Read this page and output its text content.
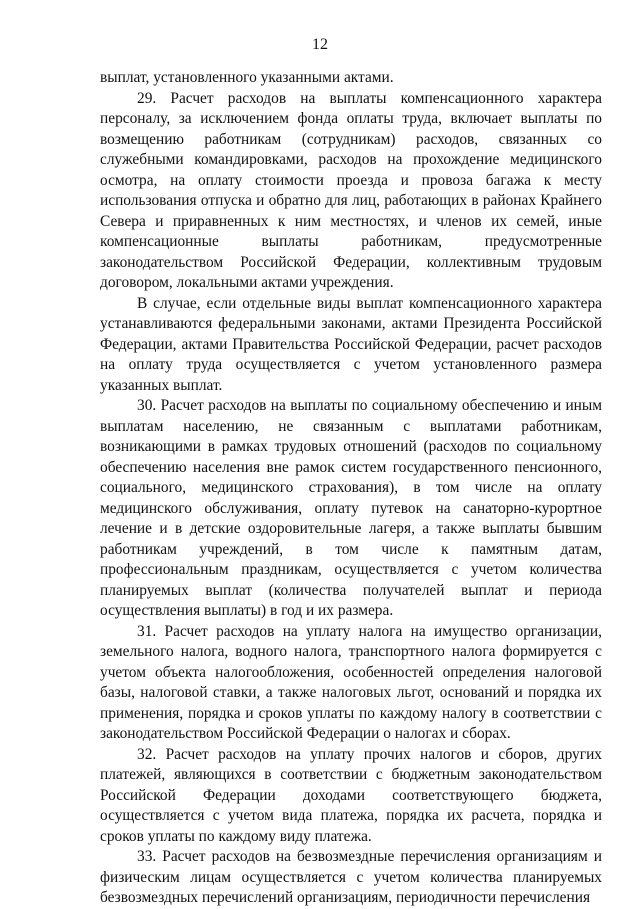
12

выплат, установленного указанными актами.

29. Расчет расходов на выплаты компенсационного характера персоналу, за исключением фонда оплаты труда, включает выплаты по возмещению работникам (сотрудникам) расходов, связанных со служебными командировками, расходов на прохождение медицинского осмотра, на оплату стоимости проезда и провоза багажа к месту использования отпуска и обратно для лиц, работающих в районах Крайнего Севера и приравненных к ним местностях, и членов их семей, иные компенсационные выплаты работникам, предусмотренные законодательством Российской Федерации, коллективным трудовым договором, локальными актами учреждения.

В случае, если отдельные виды выплат компенсационного характера устанавливаются федеральными законами, актами Президента Российской Федерации, актами Правительства Российской Федерации, расчет расходов на оплату труда осуществляется с учетом установленного размера указанных выплат.

30. Расчет расходов на выплаты по социальному обеспечению и иным выплатам населению, не связанным с выплатами работникам, возникающими в рамках трудовых отношений (расходов по социальному обеспечению населения вне рамок систем государственного пенсионного, социального, медицинского страхования), в том числе на оплату медицинского обслуживания, оплату путевок на санаторно-курортное лечение и в детские оздоровительные лагеря, а также выплаты бывшим работникам учреждений, в том числе к памятным датам, профессиональным праздникам, осуществляется с учетом количества планируемых выплат (количества получателей выплат и периода осуществления выплаты) в год и их размера.

31. Расчет расходов на уплату налога на имущество организации, земельного налога, водного налога, транспортного налога формируется с учетом объекта налогообложения, особенностей определения налоговой базы, налоговой ставки, а также налоговых льгот, оснований и порядка их применения, порядка и сроков уплаты по каждому налогу в соответствии с законодательством Российской Федерации о налогах и сборах.

32. Расчет расходов на уплату прочих налогов и сборов, других платежей, являющихся в соответствии с бюджетным законодательством Российской Федерации доходами соответствующего бюджета, осуществляется с учетом вида платежа, порядка их расчета, порядка и сроков уплаты по каждому виду платежа.

33. Расчет расходов на безвозмездные перечисления организациям и физическим лицам осуществляется с учетом количества планируемых безвозмездных перечислений организациям, периодичности перечисления
